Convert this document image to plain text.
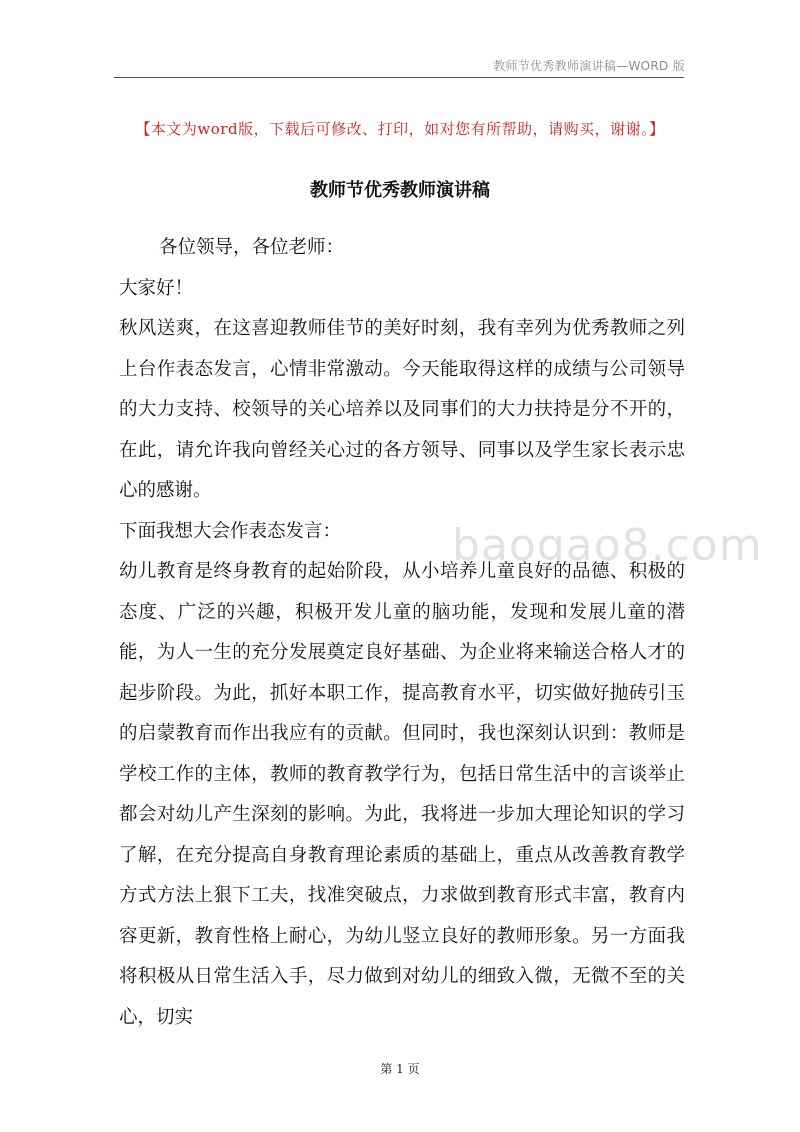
教师节优秀教师演讲稿—WORD 版
【本文为word版，下载后可修改、打印，如对您有所帮助，请购买，谢谢。】
教师节优秀教师演讲稿

各位领导，各位老师：

大家好！

秋风送爽，在这喜迎教师佳节的美好时刻，我有幸列为优秀教师之列上台作表态发言，心情非常激动。今天能取得这样的成绩与公司领导的大力支持、校领导的关心培养以及同事们的大力扶持是分不开的，在此，请允许我向曾经关心过的各方领导、同事以及学生家长表示忠心的感谢。

下面我想大会作表态发言：

幼儿教育是终身教育的起始阶段，从小培养儿童良好的品德、积极的态度、广泛的兴趣，积极开发儿童的脑功能，发现和发展儿童的潜能，为人一生的充分发展奠定良好基础、为企业将来输送合格人才的起步阶段。为此，抓好本职工作，提高教育水平，切实做好抛砖引玉的启蒙教育而作出我应有的贡献。但同时，我也深刻认识到：教师是学校工作的主体，教师的教育教学行为，包括日常生活中的言谈举止都会对幼儿产生深刻的影响。为此，我将进一步加大理论知识的学习了解，在充分提高自身教育理论素质的基础上，重点从改善教育教学方式方法上狠下工夫，找准突破点，力求做到教育形式丰富，教育内容更新，教育性格上耐心，为幼儿竖立良好的教师形象。另一方面我将积极从日常生活入手，尽力做到对幼儿的细致入微，无微不至的关心，切实

baogao8.com
第 1 页
